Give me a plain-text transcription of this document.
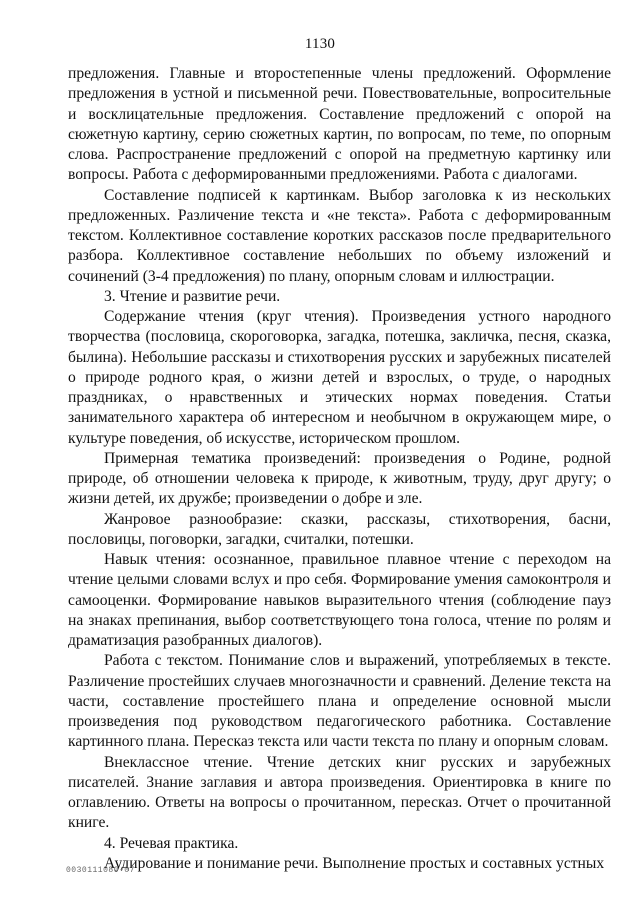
1130

предложения. Главные и второстепенные члены предложений. Оформление предложения в устной и письменной речи. Повествовательные, вопросительные и восклицательные предложения. Составление предложений с опорой на сюжетную картину, серию сюжетных картин, по вопросам, по теме, по опорным слова. Распространение предложений с опорой на предметную картинку или вопросы. Работа с деформированными предложениями. Работа с диалогами.

Составление подписей к картинкам. Выбор заголовка к из нескольких предложенных. Различение текста и «не текста». Работа с деформированным текстом. Коллективное составление коротких рассказов после предварительного разбора. Коллективное составление небольших по объему изложений и сочинений (3-4 предложения) по плану, опорным словам и иллюстрации.

3. Чтение и развитие речи.

Содержание чтения (круг чтения). Произведения устного народного творчества (пословица, скороговорка, загадка, потешка, закличка, песня, сказка, былина). Небольшие рассказы и стихотворения русских и зарубежных писателей о природе родного края, о жизни детей и взрослых, о труде, о народных праздниках, о нравственных и этических нормах поведения. Статьи занимательного характера об интересном и необычном в окружающем мире, о культуре поведения, об искусстве, историческом прошлом.

Примерная тематика произведений: произведения о Родине, родной природе, об отношении человека к природе, к животным, труду, друг другу; о жизни детей, их дружбе; произведении о добре и зле.

Жанровое разнообразие: сказки, рассказы, стихотворения, басни, пословицы, поговорки, загадки, считалки, потешки.

Навык чтения: осознанное, правильное плавное чтение с переходом на чтение целыми словами вслух и про себя. Формирование умения самоконтроля и самооценки. Формирование навыков выразительного чтения (соблюдение пауз на знаках препинания, выбор соответствующего тона голоса, чтение по ролям и драматизация разобранных диалогов).

Работа с текстом. Понимание слов и выражений, употребляемых в тексте. Различение простейших случаев многозначности и сравнений. Деление текста на части, составление простейшего плана и определение основной мысли произведения под руководством педагогического работника. Составление картинного плана. Пересказ текста или части текста по плану и опорным словам.

Внеклассное чтение. Чтение детских книг русских и зарубежных писателей. Знание заглавия и автора произведения. Ориентировка в книге по оглавлению. Ответы на вопросы о прочитанном, пересказ. Отчет о прочитанной книге.

4. Речевая практика.

Аудирование и понимание речи. Выполнение простых и составных устных

0030111080-07
